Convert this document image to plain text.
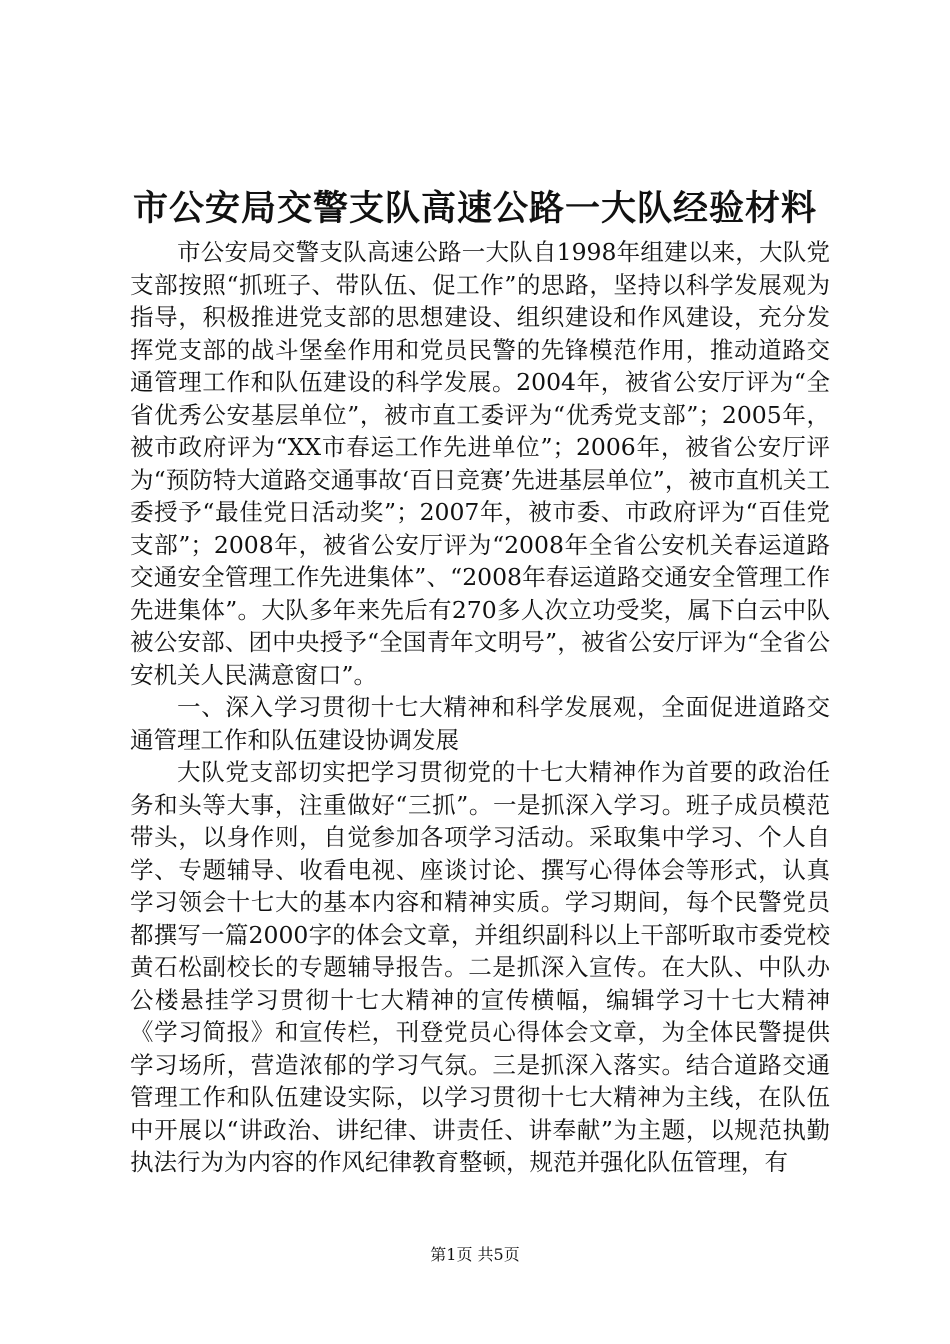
市公安局交警支队高速公路一大队经验材料

市公安局交警支队高速公路一大队自1998年组建以来，大队党支部按照“抓班子、带队伍、促工作”的思路，坚持以科学发展观为指导，积极推进党支部的思想建设、组织建设和作风建设，充分发挥党支部的战斗堡垒作用和党员民警的先锋模范作用，推动道路交通管理工作和队伍建设的科学发展。2004年，被省公安厅评为“全省优秀公安基层单位”，被市直工委评为“优秀党支部”；2005年，被市政府评为“XX市春运工作先进单位”；2006年，被省公安厅评为“预防特大道路交通事故‘百日竞赛’先进基层单位”，被市直机关工委授予“最佳党日活动奖”；2007年，被市委、市政府评为“百佳党支部”；2008年，被省公安厅评为“2008年全省公安机关春运道路交通安全管理工作先进集体”、“2008年春运道路交通安全管理工作先进集体”。大队多年来先后有270多人次立功受奖，属下白云中队被公安部、团中央授予“全国青年文明号”，被省公安厅评为“全省公安机关人民满意窗口”。

一、深入学习贯彻十七大精神和科学发展观，全面促进道路交通管理工作和队伍建设协调发展

大队党支部切实把学习贯彻党的十七大精神作为首要的政治任务和头等大事，注重做好“三抓”。一是抓深入学习。班子成员模范带头，以身作则，自觉参加各项学习活动。采取集中学习、个人自学、专题辅导、收看电视、座谈讨论、撰写心得体会等形式，认真学习领会十七大的基本内容和精神实质。学习期间，每个民警党员都撰写一篇2000字的体会文章，并组织副科以上干部听取市委党校黄石松副校长的专题辅导报告。二是抓深入宣传。在大队、中队办公楼悬挂学习贯彻十七大精神的宣传横幅，编辑学习十七大精神《学习简报》和宣传栏，刊登党员心得体会文章，为全体民警提供学习场所，营造浓郁的学习气氛。三是抓深入落实。结合道路交通管理工作和队伍建设实际，以学习贯彻十七大精神为主线，在队伍中开展以“讲政治、讲纪律、讲责任、讲奉献”为主题，以规范执勤执法行为为内容的作风纪律教育整顿，规范并强化队伍管理，有

第1页 共5页
